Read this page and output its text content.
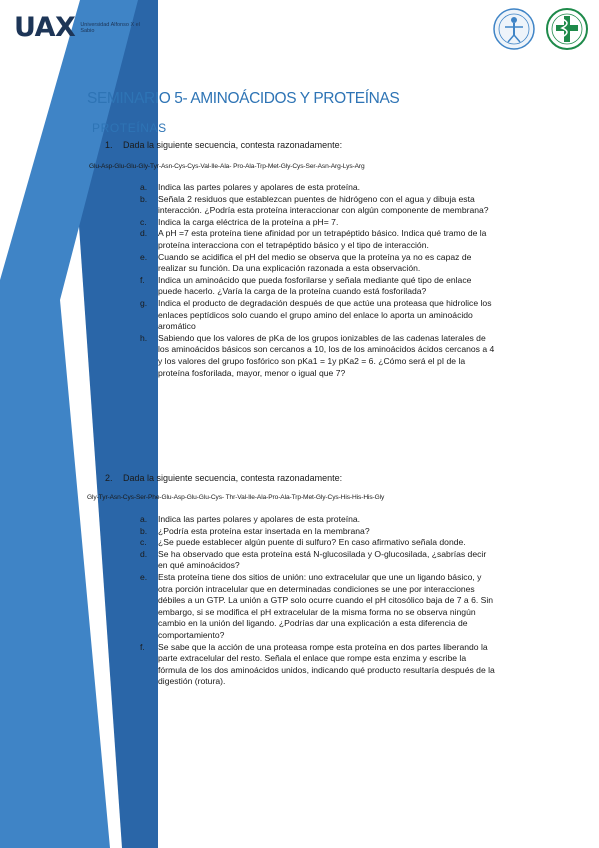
UAX Universidad Alfonso X el Sabio
SEMINARIO 5- AMINOÁCIDOS Y PROTEÍNAS
PROTEÍNAS
1. Dada la siguiente secuencia, contesta razonadamente:
Glu-Asp-Glu-Glu-Gly-Tyr-Asn-Cys-Cys-Val-Ile-Ala- Pro-Ala-Trp-Met-Gly-Cys-Ser-Asn-Arg-Lys-Arg
a. Indica las partes polares y apolares de esta proteína.
b. Señala 2 residuos que establezcan puentes de hidrógeno con el agua y dibuja esta interacción. ¿Podría esta proteína interaccionar con algún componente de membrana?
c. Indica la carga eléctrica de la proteína a pH= 7.
d. A pH =7 esta proteína tiene afinidad por un tetrapéptido básico. Indica qué tramo de la proteína interacciona con el tetrapéptido básico y el tipo de interacción.
e. Cuando se acidifica el pH del medio se observa que la proteína ya no es capaz de realizar su función. Da una explicación razonada a esta observación.
f. Indica un aminoácido que pueda fosforilarse y señala mediante qué tipo de enlace puede hacerlo. ¿Varía la carga de la proteína cuando está fosforilada?
g. Indica el producto de degradación después de que actúe una proteasa que hidrolice los enlaces peptídicos solo cuando el grupo amino del enlace lo aporta un aminoácido aromático
h. Sabiendo que los valores de pKa de los grupos ionizables de las cadenas laterales de los aminoácidos básicos son cercanos a 10, los de los aminoácidos ácidos cercanos a 4 y los valores del grupo fosfórico son pKa1 = 1y pKa2 = 6. ¿Cómo será el pI de la proteína fosforilada, mayor, menor o igual que 7?
2. Dada la siguiente secuencia, contesta razonadamente:
Gly-Tyr-Asn-Cys-Ser-Phe-Glu-Asp-Glu-Glu-Cys- Thr-Val-Ile-Ala-Pro-Ala-Trp-Met-Gly-Cys-His-His-His-Gly
a. Indica las partes polares y apolares de esta proteína.
b. ¿Podría esta proteína estar insertada en la membrana?
c. ¿Se puede establecer algún puente di sulfuro? En caso afirmativo señala donde.
d. Se ha observado que esta proteína está N-glucosilada y O-glucosilada, ¿sabrías decir en qué aminoácidos?
e. Esta proteína tiene dos sitios de unión: uno extracelular que une un ligando básico, y otra porción intracelular que en determinadas condiciones se une por interacciones débiles a un GTP. La unión a GTP solo ocurre cuando el pH citosólico baja de 7 a 6. Sin embargo, si se modifica el pH extracelular de la misma forma no se observa ningún cambio en la unión del ligando. ¿Podrías dar una explicación a esta diferencia de comportamiento?
f. Se sabe que la acción de una proteasa rompe esta proteína en dos partes liberando la parte extracelular del resto. Señala el enlace que rompe esta enzima y escribe la fórmula de los dos aminoácidos unidos, indicando qué producto resultaría después de la digestión (rotura).
